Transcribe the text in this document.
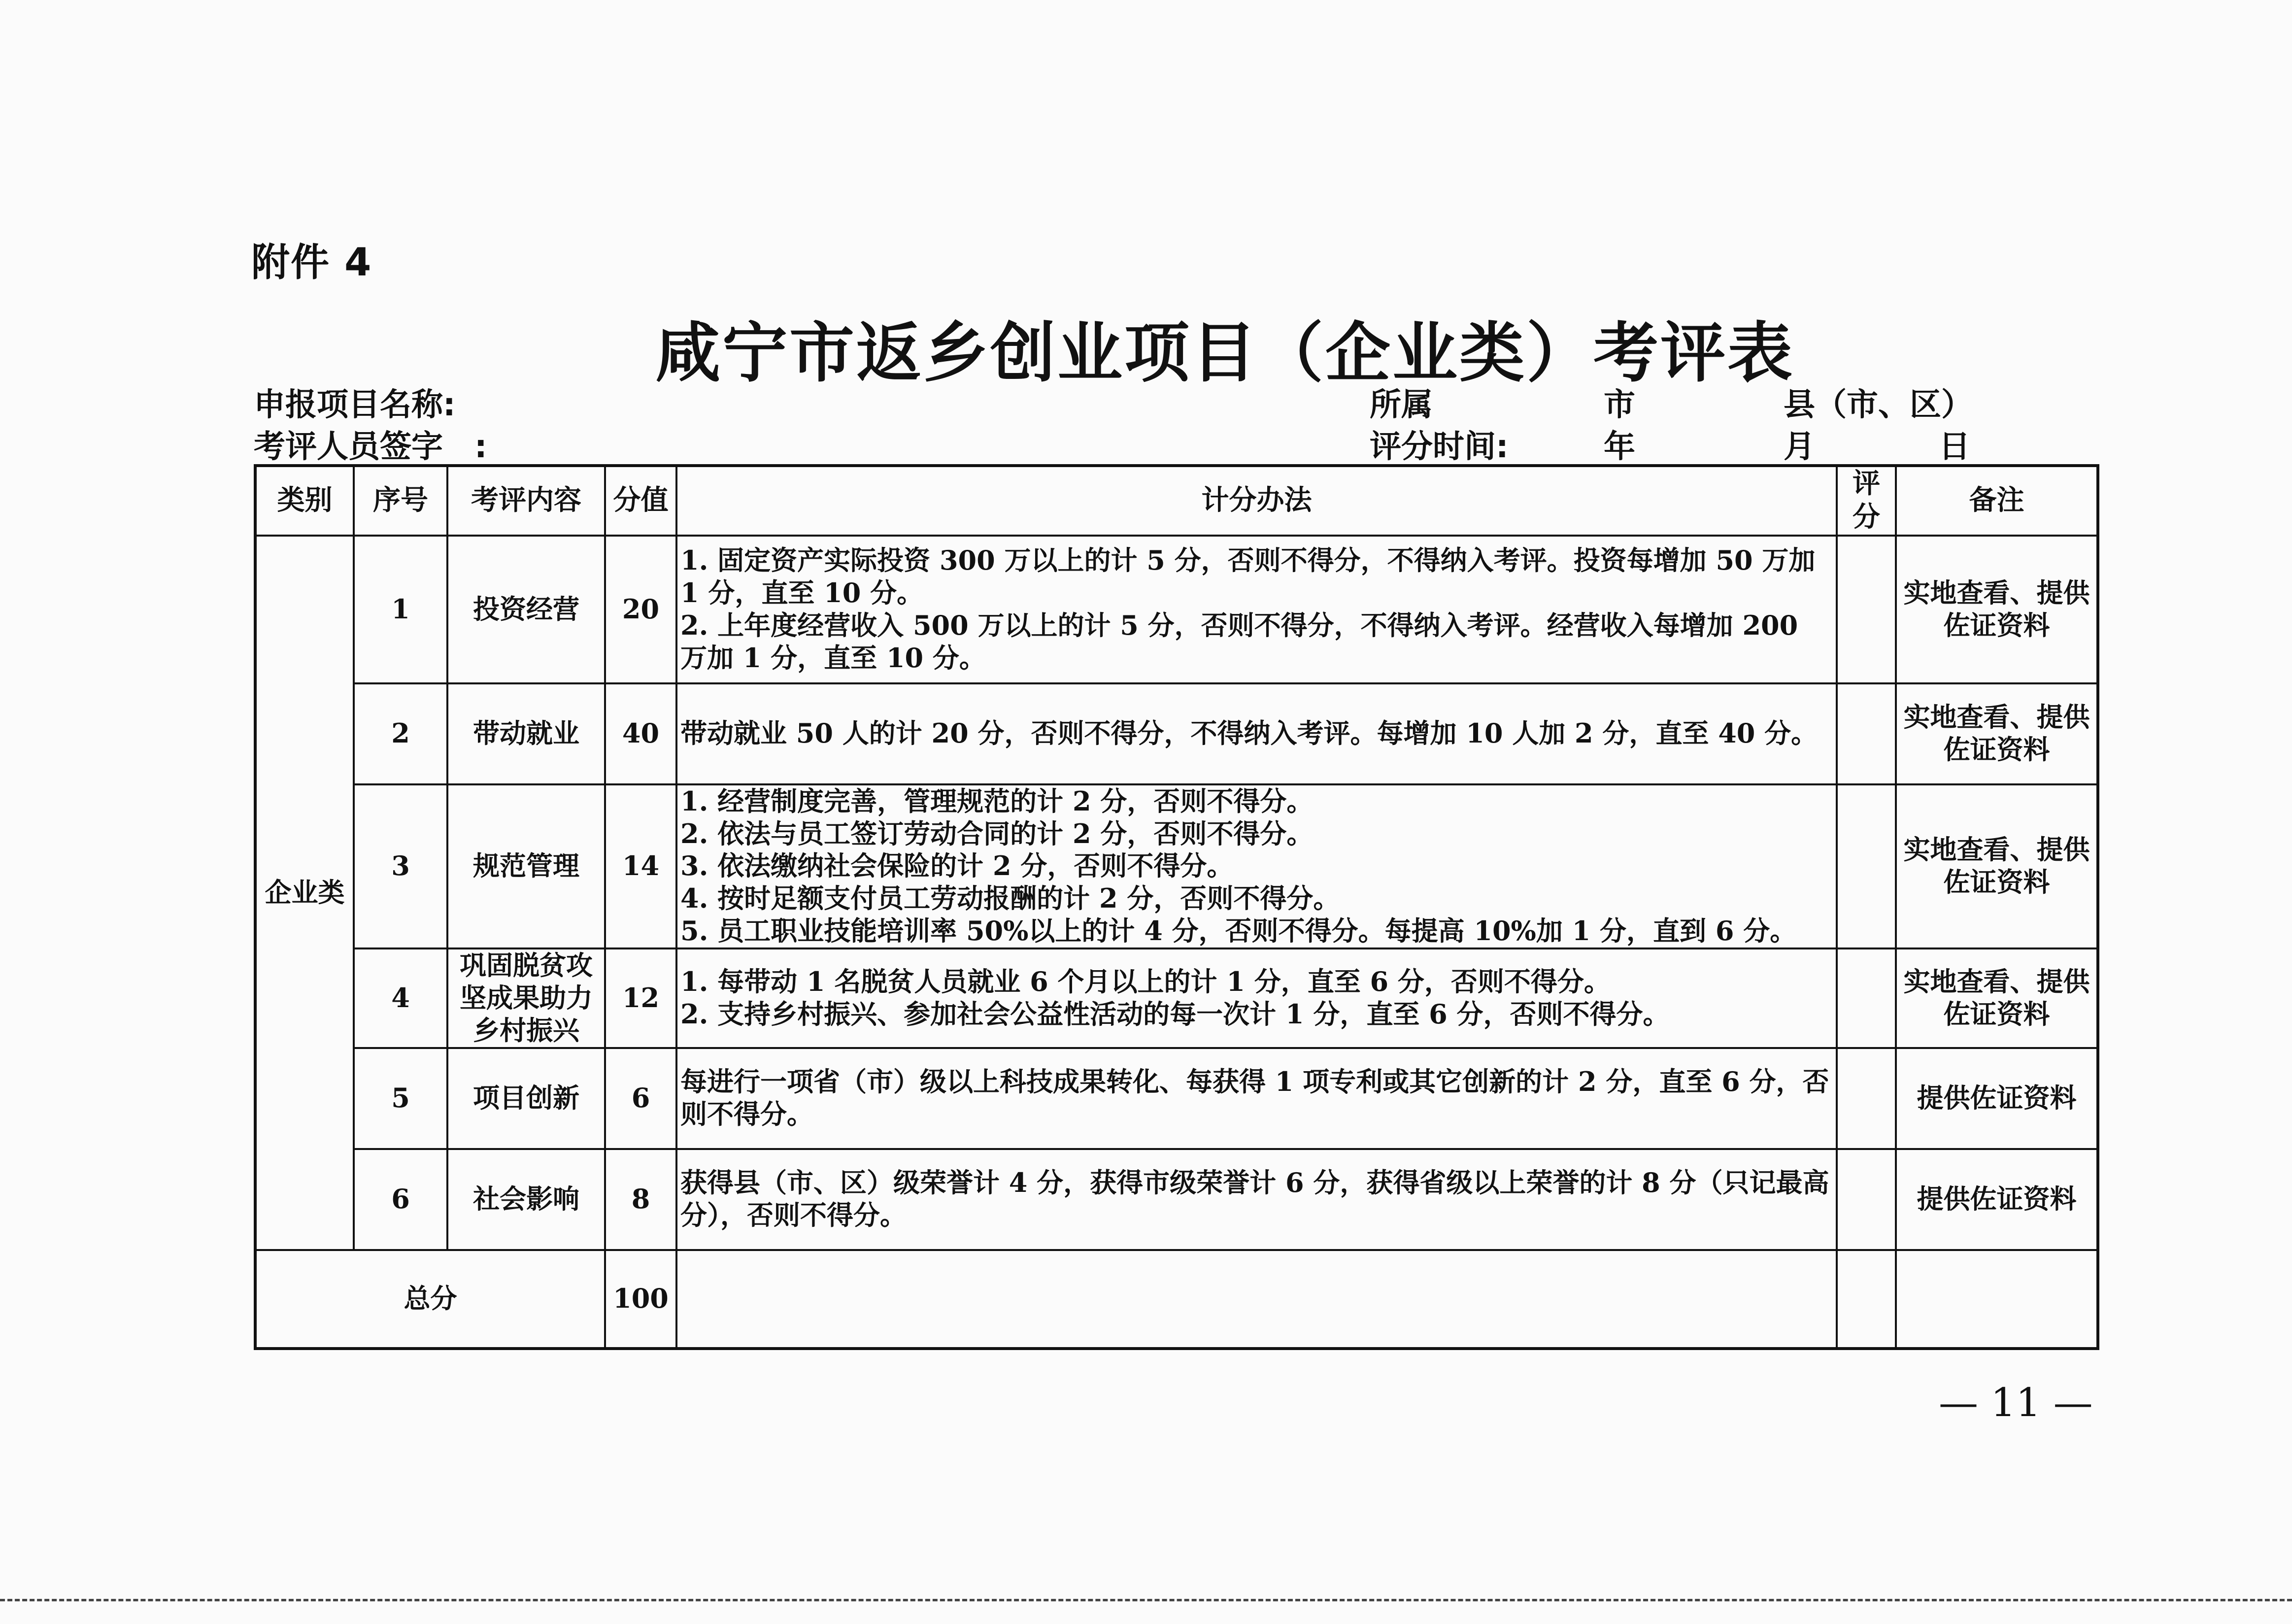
附件 4
咸宁市返乡创业项目（企业类）考评表
申报项目名称:
考评人员签字　:
所属	市	县（市、区）
评分时间:	年	月	日
类别	序号	考评内容	分值	计分办法	评分	备注
企业类	1	投资经营	20	1. 固定资产实际投资 300 万以上的计 5 分，否则不得分，不得纳入考评。投资每增加 50 万加 1 分，直至 10 分。
2. 上年度经营收入 500 万以上的计 5 分，否则不得分，不得纳入考评。经营收入每增加 200 万加 1 分，直至 10 分。		实地查看、提供佐证资料
	2	带动就业	40	带动就业 50 人的计 20 分，否则不得分，不得纳入考评。每增加 10 人加 2 分，直至 40 分。		实地查看、提供佐证资料
	3	规范管理	14	1. 经营制度完善，管理规范的计 2 分，否则不得分。
2. 依法与员工签订劳动合同的计 2 分，否则不得分。
3. 依法缴纳社会保险的计 2 分，否则不得分。
4. 按时足额支付员工劳动报酬的计 2 分，否则不得分。
5. 员工职业技能培训率 50%以上的计 4 分，否则不得分。每提高 10%加 1 分，直到 6 分。		实地查看、提供佐证资料
	4	巩固脱贫攻坚成果助力乡村振兴	12	1. 每带动 1 名脱贫人员就业 6 个月以上的计 1 分，直至 6 分，否则不得分。
2. 支持乡村振兴、参加社会公益性活动的每一次计 1 分，直至 6 分，否则不得分。		实地查看、提供佐证资料
	5	项目创新	6	每进行一项省（市）级以上科技成果转化、每获得 1 项专利或其它创新的计 2 分，直至 6 分，否则不得分。		提供佐证资料
	6	社会影响	8	获得县（市、区）级荣誉计 4 分，获得市级荣誉计 6 分，获得省级以上荣誉的计 8 分（只记最高分），否则不得分。		提供佐证资料
总分			100			
— 11 —
